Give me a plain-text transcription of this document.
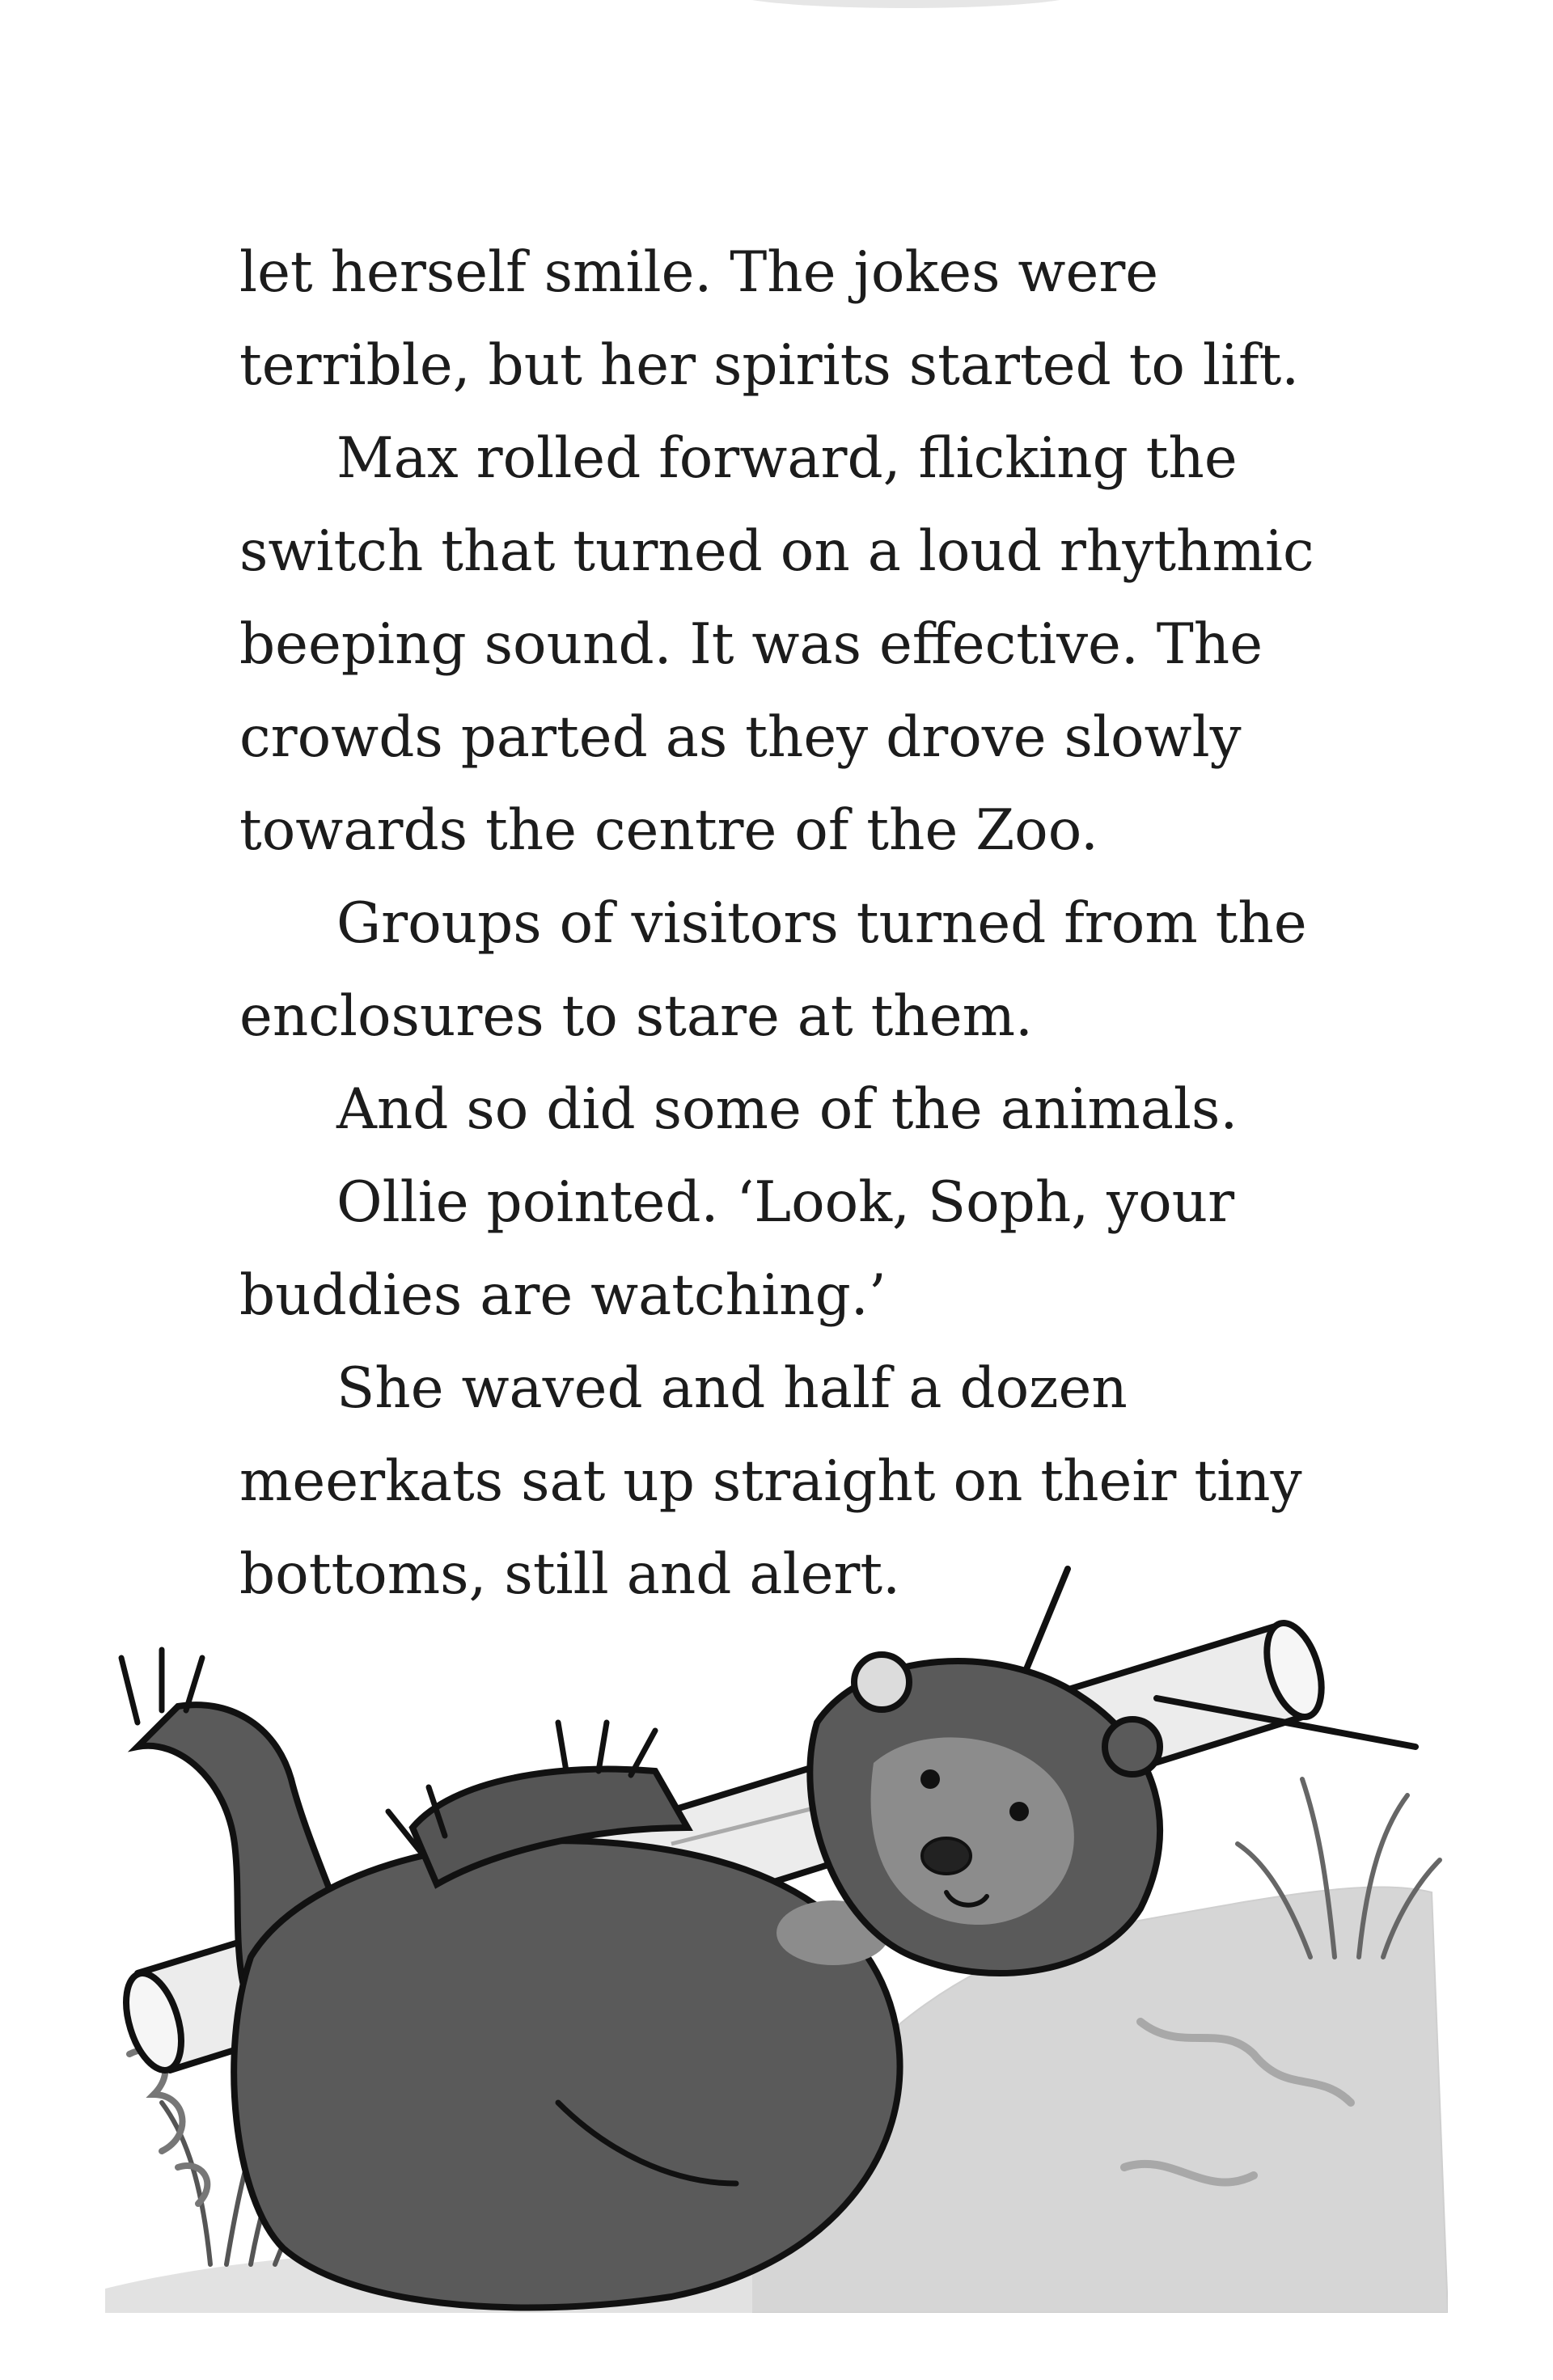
let herself smile. The jokes were terrible, but her spirits started to lift.

Max rolled forward, flicking the switch that turned on a loud rhythmic beeping sound. It was effective. The crowds parted as they drove slowly towards the centre of the Zoo.

Groups of visitors turned from the enclosures to stare at them.

And so did some of the animals.

Ollie pointed. ‘Look, Soph, your buddies are watching.’

She waved and half a dozen meerkats sat up straight on their tiny bottoms, still and alert.
